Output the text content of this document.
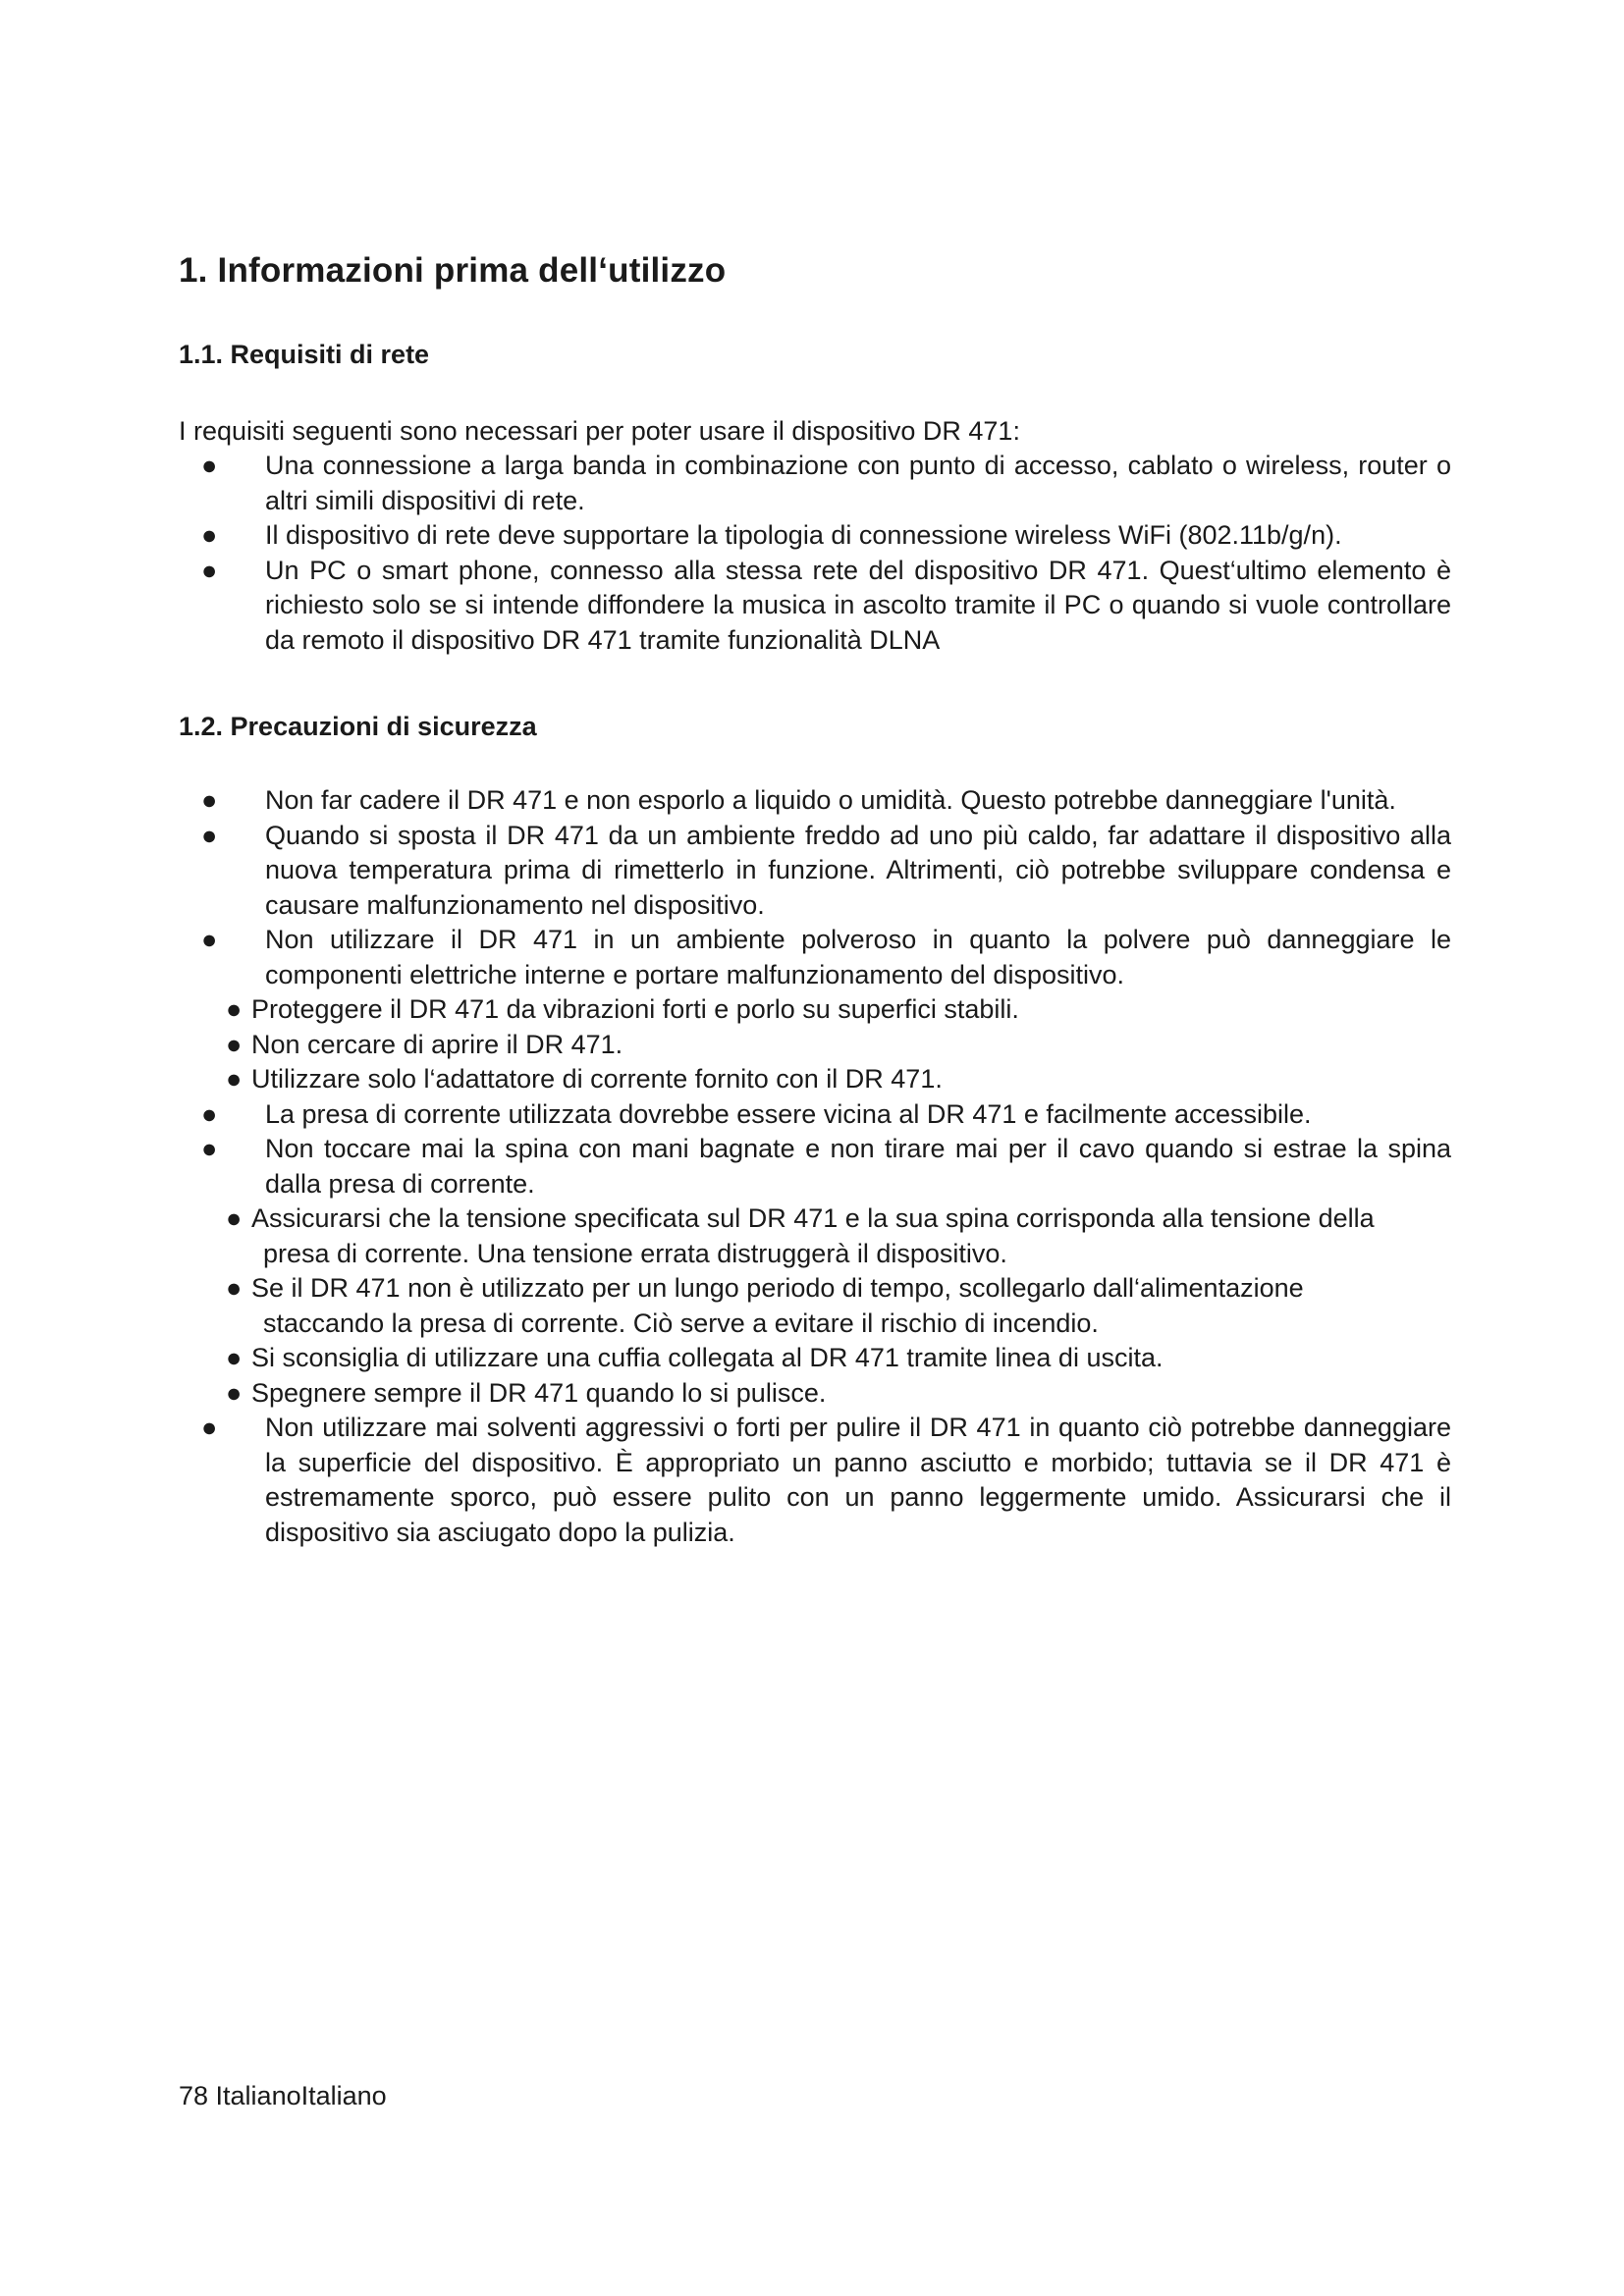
1. Informazioni prima dell‘utilizzo
1.1. Requisiti di rete

I requisiti seguenti sono necessari per poter usare il dispositivo DR 471:

● Una connessione a larga banda in combinazione con punto di accesso, cablato o wireless, router o altri simili dispositivi di rete.
● Il dispositivo di rete deve supportare la tipologia di connessione wireless WiFi (802.11b/g/n).
● Un PC o smart phone, connesso alla stessa rete del dispositivo DR 471. Quest‘ultimo elemento è richiesto solo se si intende diffondere la musica in ascolto tramite il PC o quando si vuole controllare da remoto il dispositivo DR 471 tramite funzionalità DLNA
1.2. Precauzioni di sicurezza
● Non far cadere il DR 471 e non esporlo a liquido o umidità. Questo potrebbe danneggiare l'unità.
● Quando si sposta il DR 471 da un ambiente freddo ad uno più caldo, far adattare il dispositivo alla nuova temperatura prima di rimetterlo in funzione. Altrimenti, ciò potrebbe sviluppare condensa e causare malfunzionamento nel dispositivo.
● Non utilizzare il DR 471 in un ambiente polveroso in quanto la polvere può danneggiare le componenti elettriche interne e portare malfunzionamento del dispositivo.
● Proteggere il DR 471 da vibrazioni forti e porlo su superfici stabili.
● Non cercare di aprire il DR 471.
● Utilizzare solo l‘adattatore di corrente fornito con il DR 471.
● La presa di corrente utilizzata dovrebbe essere vicina al DR 471 e facilmente accessibile.
● Non toccare mai la spina con mani bagnate e non tirare mai per il cavo quando si estrae la spina dalla presa di corrente.
● Assicurarsi che la tensione specificata sul DR 471 e la sua spina corrisponda alla tensione della presa di corrente. Una tensione errata distruggerà il dispositivo.
● Se il DR 471 non è utilizzato per un lungo periodo di tempo, scollegarlo dall‘alimentazione staccando la presa di corrente. Ciò serve a evitare il rischio di incendio.
● Si sconsiglia di utilizzare una cuffia collegata al DR 471 tramite linea di uscita.
● Spegnere sempre il DR 471 quando lo si pulisce.
● Non utilizzare mai solventi aggressivi o forti per pulire il DR 471 in quanto ciò potrebbe danneggiare la superficie del dispositivo. È appropriato un panno asciutto e morbido; tuttavia se il DR 471 è estremamente sporco, può essere pulito con un panno leggermente umido. Assicurarsi che il dispositivo sia asciugato dopo la pulizia.

78 ItalianoItaliano
